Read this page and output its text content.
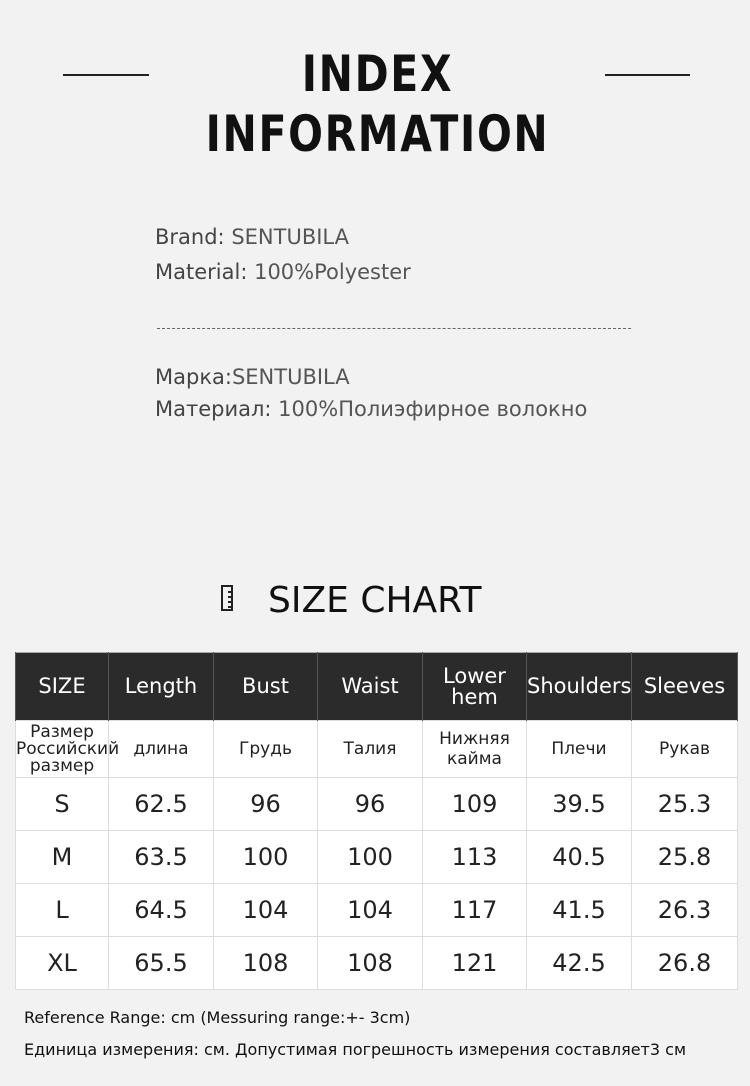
INDEX INFORMATION
Brand: SENTUBILA
Material: 100%Polyester
Марка:SENTUBILA
Материал: 100%Полиэфирное волокно
SIZE CHART
SIZE	Length	Bust	Waist	Lower hem	Shoulders	Sleeves
Размер Российский размер	длина	Грудь	Талия	Нижняя кайма	Плечи	Рукав
S	62.5	96	96	109	39.5	25.3
M	63.5	100	100	113	40.5	25.8
L	64.5	104	104	117	41.5	26.3
XL	65.5	108	108	121	42.5	26.8
Reference Range: cm (Messuring range:+- 3cm)
Единица измерения: см. Допустимая погрешность измерения составляет3 см
